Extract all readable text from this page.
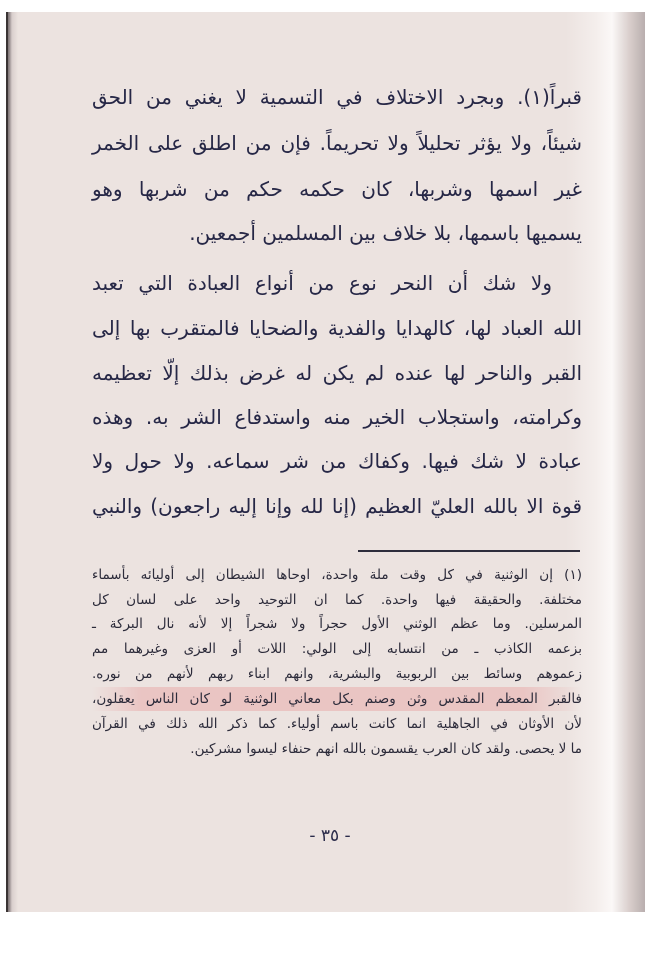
قبراً(١). وبجرد الاختلاف في التسمية لا يغني من الحق
شيئاً، ولا يؤثر تحليلاً ولا تحريماً. فإن من اطلق على الخمر
غير اسمها وشربها، كان حكمه حكم من شربها وهو
يسميها باسمها، بلا خلاف بين المسلمين أجمعين.
ولا شك أن النحر نوع من أنواع العبادة التي تعبد
الله العباد لها، كالهدايا والفدية والضحايا فالمتقرب بها إلى
القبر والناحر لها عنده لم يكن له غرض بذلك إلّا تعظيمه
وكرامته، واستجلاب الخير منه واستدفاع الشر به. وهذه
عبادة لا شك فيها. وكفاك من شر سماعه. ولا حول ولا
قوة الا بالله العليّ العظيم (إنا لله وإنا إليه راجعون) والنبي
(١) إن الوثنية في كل وقت ملة واحدة، اوحاها الشيطان إلى أوليائه بأسماء
مختلفة. والحقيقة فيها واحدة. كما ان التوحيد واحد على لسان كل
المرسلين. وما عظم الوثني الأول حجراً ولا شجراً إلا لأنه نال البركة ـ
بزعمه الكاذب ـ من انتسابه إلى الولي: اللات أو العزى وغيرهما مم
زعموهم وسائط بين الربوبية والبشرية، وانهم ابناء ربهم لأنهم من نوره.
فالقبر المعظم المقدس وثن وصنم بكل معاني الوثنية لو كان الناس يعقلون،
لأن الأوثان في الجاهلية انما كانت باسم أولياء. كما ذكر الله ذلك في القرآن
ما لا يحصى. ولقد كان العرب يقسمون بالله انهم حنفاء ليسوا مشركين.
- ٣٥ -
